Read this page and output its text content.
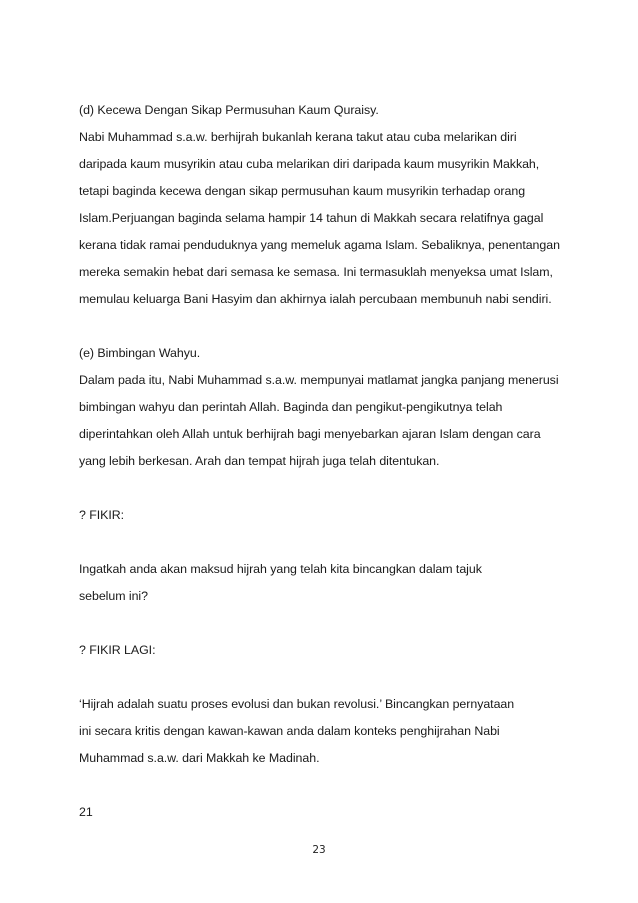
(d) Kecewa Dengan Sikap Permusuhan Kaum Quraisy.
Nabi Muhammad s.a.w. berhijrah bukanlah kerana takut atau cuba melarikan diri
daripada kaum musyrikin atau cuba melarikan diri daripada kaum musyrikin Makkah,
tetapi baginda kecewa dengan sikap permusuhan kaum musyrikin terhadap orang
Islam.Perjuangan baginda selama hampir 14 tahun di Makkah secara relatifnya gagal
kerana tidak ramai penduduknya yang memeluk agama Islam. Sebaliknya, penentangan
mereka semakin hebat dari semasa ke semasa. Ini termasuklah menyeksa umat Islam,
memulau keluarga Bani Hasyim dan akhirnya ialah percubaan membunuh nabi sendiri.
(e) Bimbingan Wahyu.
Dalam pada itu, Nabi Muhammad s.a.w. mempunyai matlamat jangka panjang menerusi
bimbingan wahyu dan perintah Allah. Baginda dan pengikut-pengikutnya telah
diperintahkan oleh Allah untuk berhijrah bagi menyebarkan ajaran Islam dengan cara
yang lebih berkesan. Arah dan tempat hijrah juga telah ditentukan.
? FIKIR:
Ingatkah anda akan maksud hijrah yang telah kita bincangkan dalam tajuk
sebelum ini?
? FIKIR LAGI:
‘Hijrah adalah suatu proses evolusi dan bukan revolusi.’ Bincangkan pernyataan
ini secara kritis dengan kawan-kawan anda dalam konteks penghijrahan Nabi
Muhammad s.a.w. dari Makkah ke Madinah.
21
23
